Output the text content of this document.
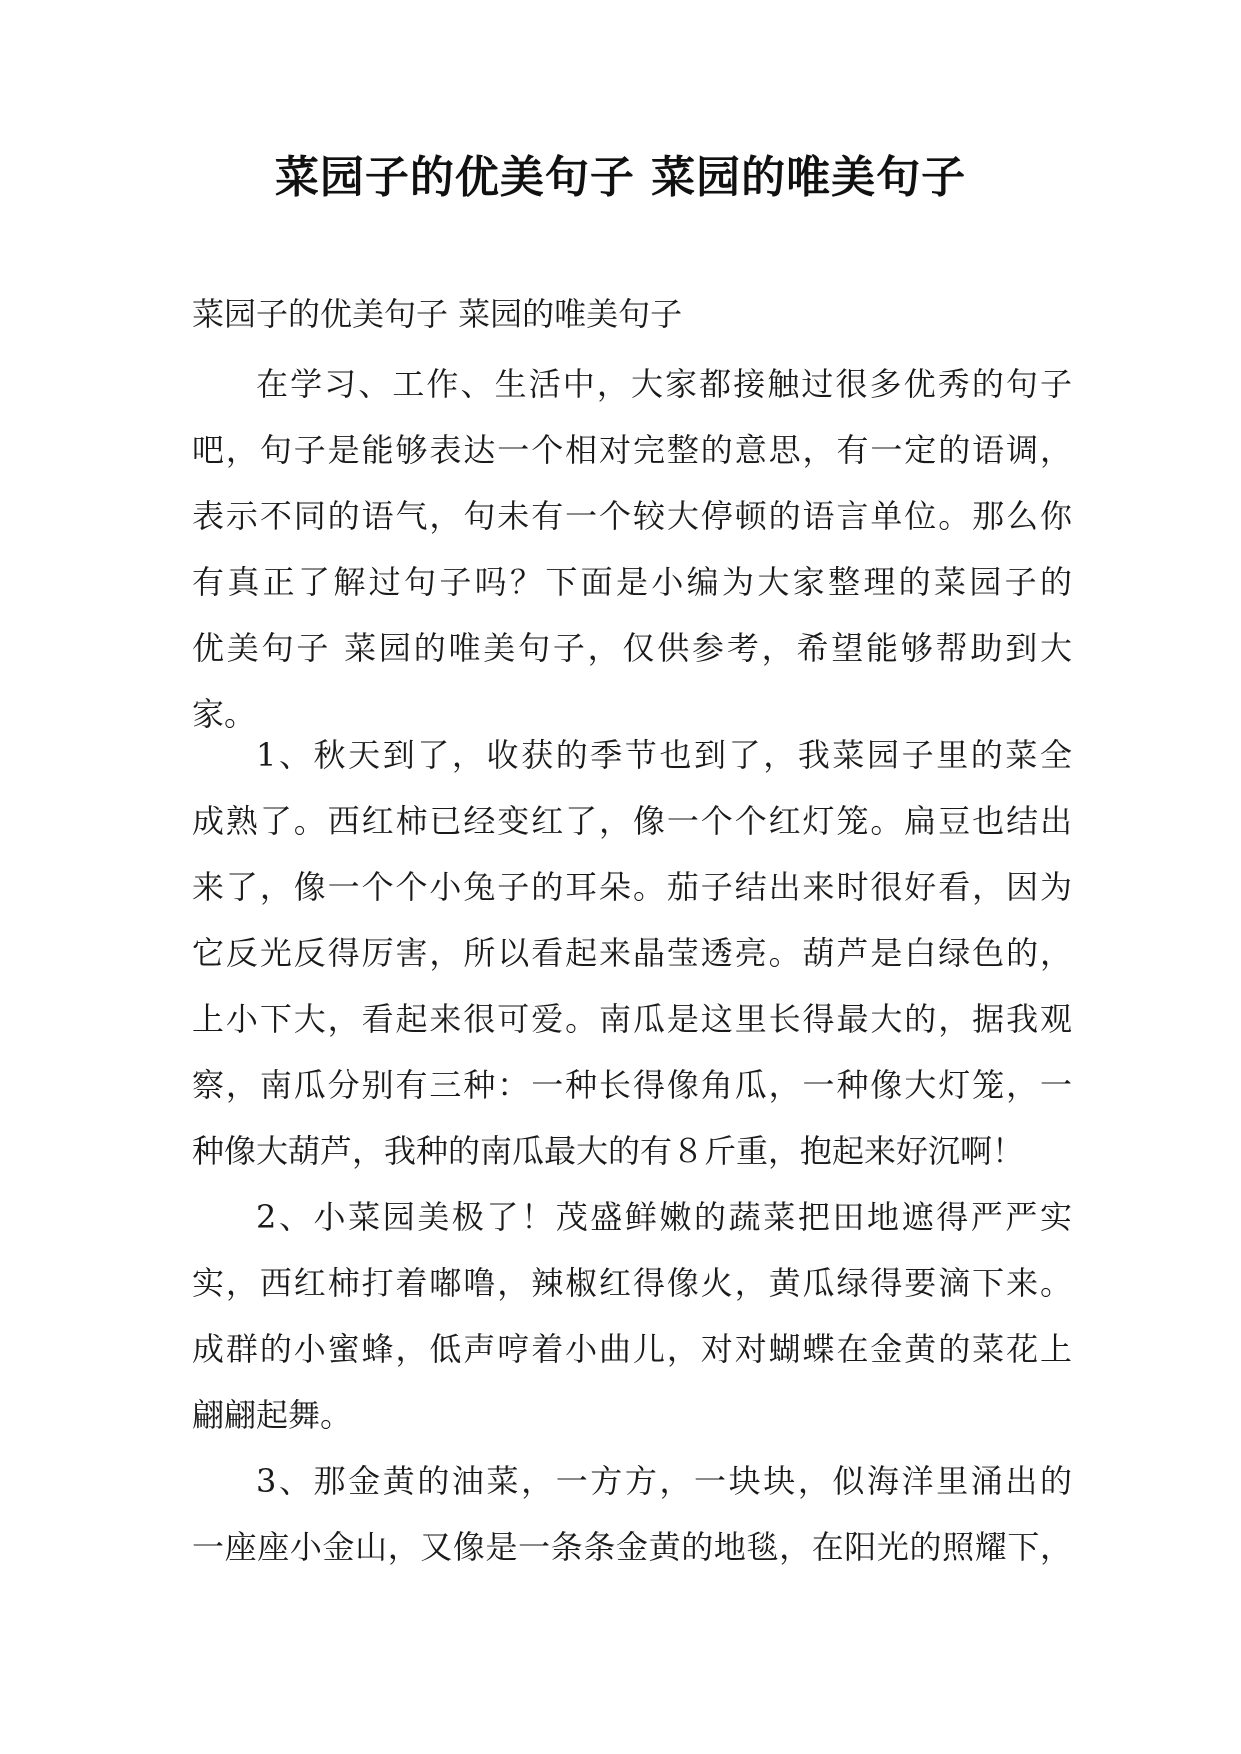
菜园子的优美句子 菜园的唯美句子
菜园子的优美句子 菜园的唯美句子
在学习、工作、生活中，大家都接触过很多优秀的句子
吧，句子是能够表达一个相对完整的意思，有一定的语调，
表示不同的语气，句未有一个较大停顿的语言单位。那么你
有真正了解过句子吗？下面是小编为大家整理的菜园子的
优美句子 菜园的唯美句子，仅供参考，希望能够帮助到大
家。
1、秋天到了，收获的季节也到了，我菜园子里的菜全
成熟了。西红柿已经变红了，像一个个红灯笼。扁豆也结出
来了，像一个个小兔子的耳朵。茄子结出来时很好看，因为
它反光反得厉害，所以看起来晶莹透亮。葫芦是白绿色的，
上小下大，看起来很可爱。南瓜是这里长得最大的，据我观
察，南瓜分别有三种：一种长得像角瓜，一种像大灯笼，一
种像大葫芦，我种的南瓜最大的有８斤重，抱起来好沉啊！
2、小菜园美极了！茂盛鲜嫩的蔬菜把田地遮得严严实
实，西红柿打着嘟噜，辣椒红得像火，黄瓜绿得要滴下来。
成群的小蜜蜂，低声哼着小曲儿，对对蝴蝶在金黄的菜花上
翩翩起舞。
3、那金黄的油菜，一方方，一块块，似海洋里涌出的
一座座小金山，又像是一条条金黄的地毯，在阳光的照耀下，
